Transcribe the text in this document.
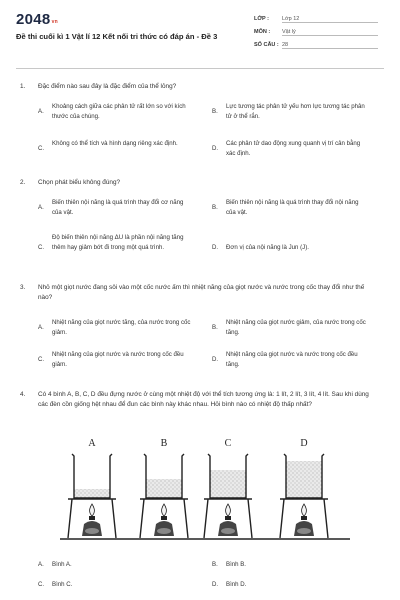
$2048_{vn}$
Đề thi cuối kì 1 Vật lí 12 Kết nối tri thức có đáp án - Đề 3
LỚP : Lớp 12
MÔN : Vật lý
SỐ CÂU : 28
1. Đặc điểm nào sau đây là đặc điểm của thể lỏng?
A.
Khoảng cách giữa các phân tử rất lớn so với kích thước của chúng.
B.
Lực tương tác phân tử yếu hơn lực tương tác phân tử ở thể rắn.
C.
Không có thể tích và hình dạng riêng xác định.
D.
Các phân tử dao động xung quanh vị trí cân bằng xác định.
2. Chọn phát biểu không đúng?
A.
Biến thiên nội năng là quá trình thay đổi cơ năng của vật.
B.
Biến thiên nội năng là quá trình thay đổi nội năng của vật.
C.
Độ biến thiên nội năng ΔU là phần nội năng tăng thêm hay giảm bớt đi trong một quá trình.	D.	Đơn vị của nội năng là Jun (J).
3. Nhỏ một giọt nước đang sôi vào một cốc nước ấm thì nhiệt năng của giọt nước và nước trong cốc thay đổi như thế nào?
A.
Nhiệt năng của giọt nước tăng, của nước trong cốc giảm.
B.
Nhiệt năng của giọt nước giảm, của nước trong cốc tăng.
C.
Nhiệt năng của giọt nước và nước trong cốc đều giảm.
D.
Nhiệt năng của giọt nước và nước trong cốc đều tăng.
4. Có 4 bình A, B, C, D đều đựng nước ở cùng một nhiệt độ với thể tích tương ứng là: 1 lít, 2 lít, 3 lít, 4 lít. Sau khi dùng các đèn cồn giống hệt nhau để đun các bình này khác nhau. Hỏi bình nào có nhiệt độ thấp nhất?
A	B	C	D
A.	Bình A.	B.	Bình B.
C.	Bình C.	D.	Bình D.
